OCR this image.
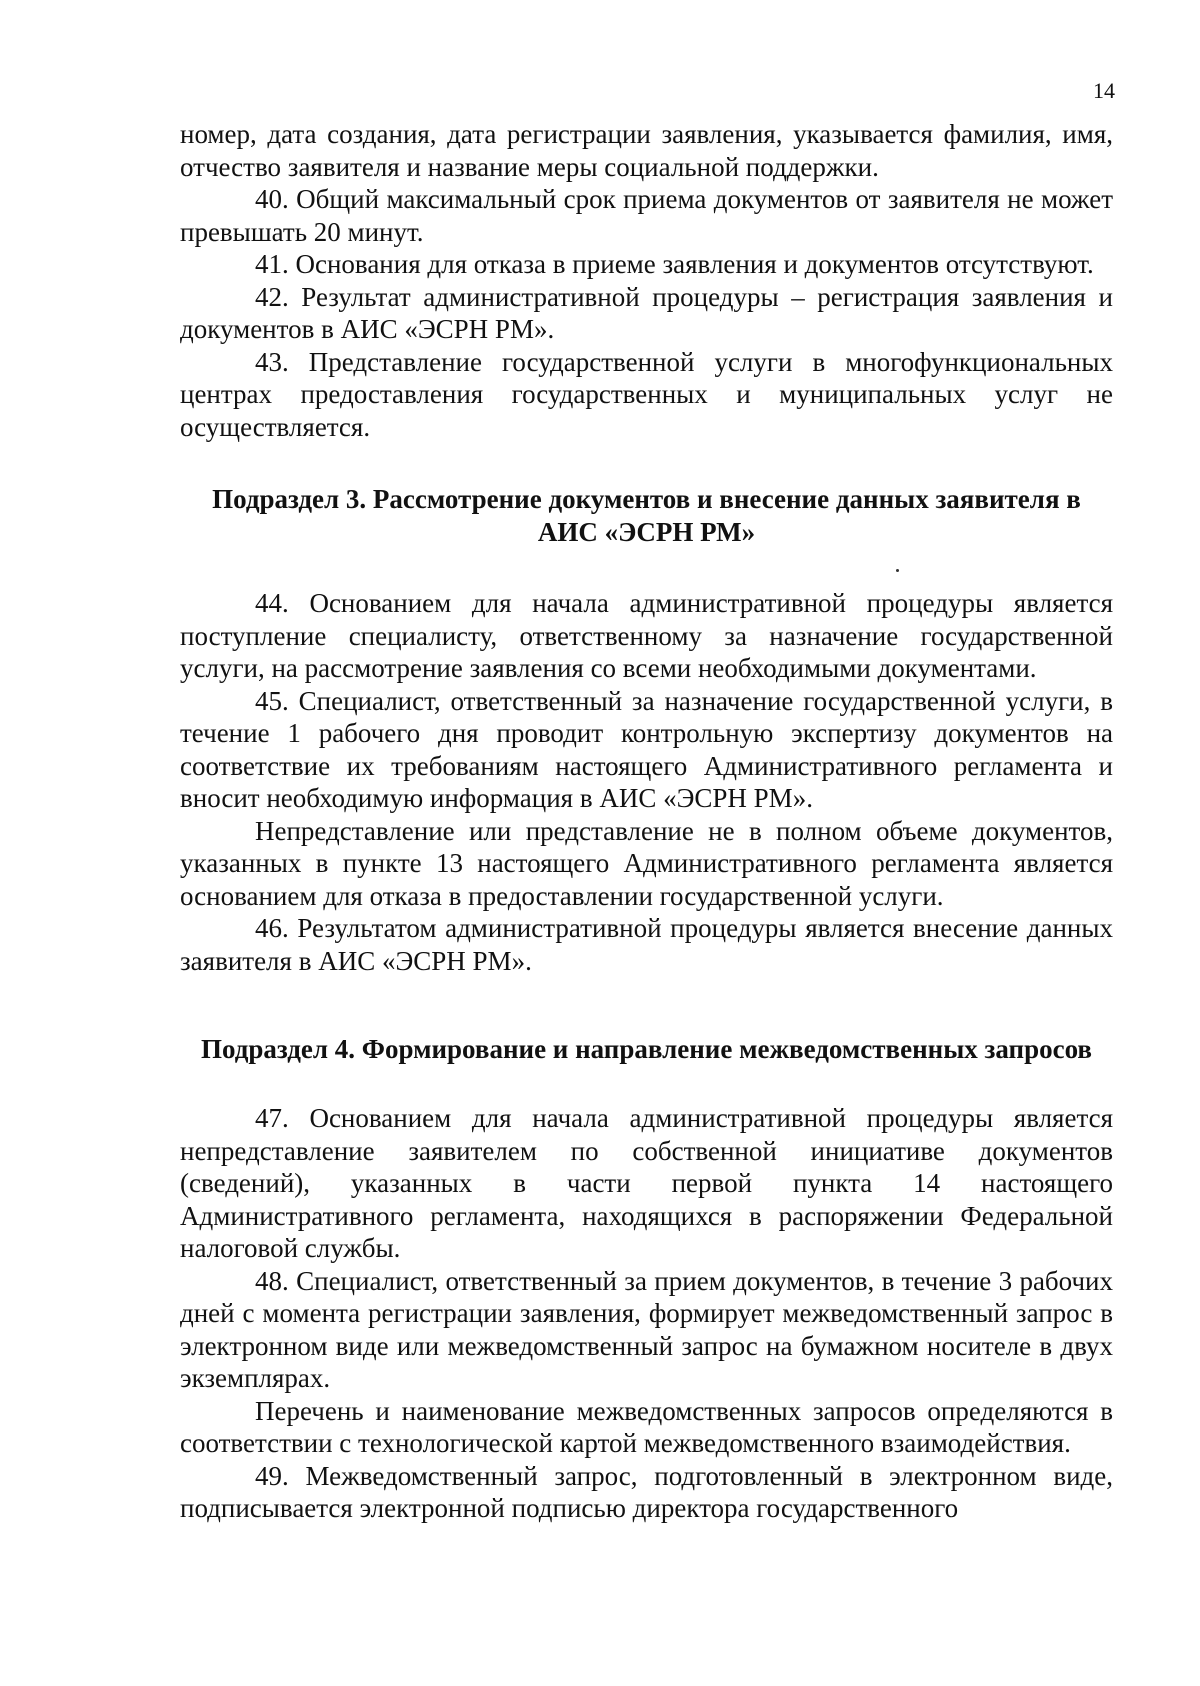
14

номер, дата создания, дата регистрации заявления, указывается фамилия, имя, отчество заявителя и название меры социальной поддержки.

40. Общий максимальный срок приема документов от заявителя не может превышать 20 минут.

41. Основания для отказа в приеме заявления и документов отсутствуют.

42. Результат административной процедуры – регистрация заявления и документов в АИС «ЭСРН РМ».

43. Представление государственной услуги в многофункциональных центрах предоставления государственных и муниципальных услуг не осуществляется.

Подраздел 3. Рассмотрение документов и внесение данных заявителя в
АИС «ЭСРН РМ»

44. Основанием для начала административной процедуры является поступление специалисту, ответственному за назначение государственной услуги, на рассмотрение заявления со всеми необходимыми документами.

45. Специалист, ответственный за назначение государственной услуги, в течение 1 рабочего дня проводит контрольную экспертизу документов на соответствие их требованиям настоящего Административного регламента и вносит необходимую информация в АИС «ЭСРН РМ».

Непредставление или представление не в полном объеме документов, указанных в пункте 13 настоящего Административного регламента является основанием для отказа в предоставлении государственной услуги.

46. Результатом административной процедуры является внесение данных заявителя в АИС «ЭСРН РМ».

Подраздел 4. Формирование и направление межведомственных запросов

47. Основанием для начала административной процедуры является непредставление заявителем по собственной инициативе документов (сведений), указанных в части первой пункта 14 настоящего Административного регламента, находящихся в распоряжении Федеральной налоговой службы.

48. Специалист, ответственный за прием документов, в течение 3 рабочих дней с момента регистрации заявления, формирует межведомственный запрос в электронном виде или межведомственный запрос на бумажном носителе в двух экземплярах.

Перечень и наименование межведомственных запросов определяются в соответствии с технологической картой межведомственного взаимодействия.

49. Межведомственный запрос, подготовленный в электронном виде, подписывается электронной подписью директора государственного
